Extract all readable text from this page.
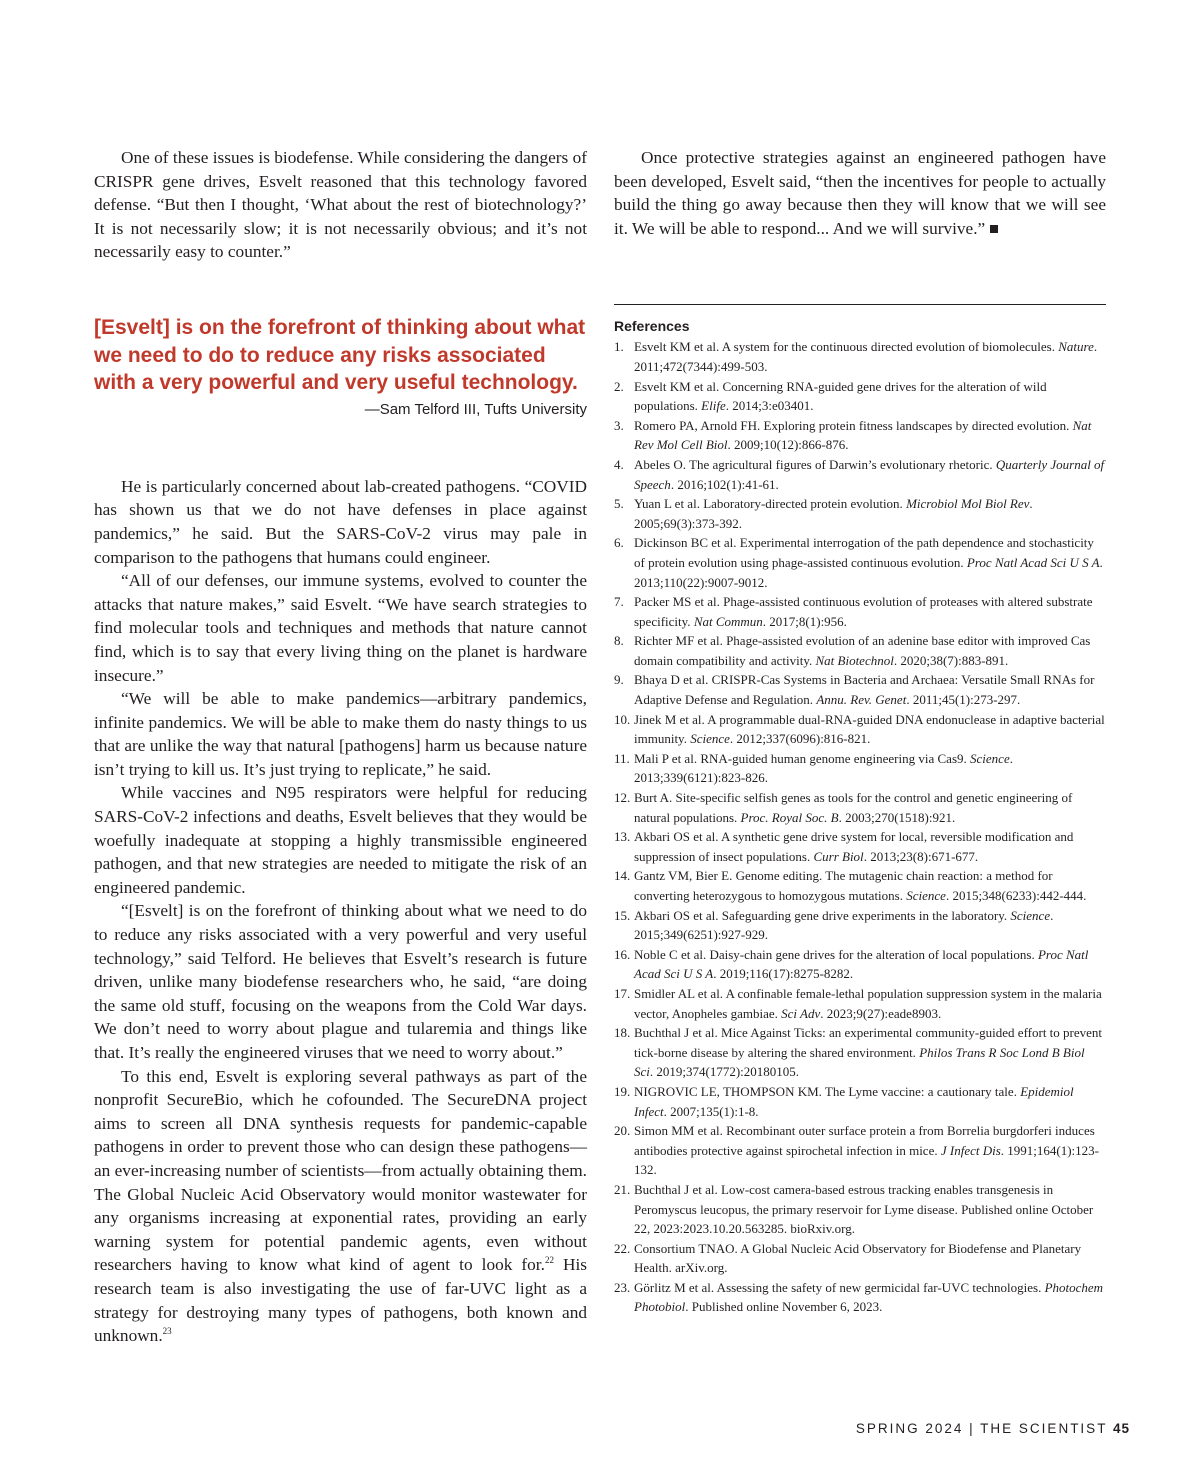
One of these issues is biodefense. While considering the dangers of CRISPR gene drives, Esvelt reasoned that this technology favored defense. “But then I thought, ‘What about the rest of biotechnology?’ It is not necessarily slow; it is not necessarily obvious; and it’s not necessarily easy to counter.”

[Esvelt] is on the forefront of thinking about what we need to do to reduce any risks associated with a very powerful and very useful technology.

—Sam Telford III, Tufts University

He is particularly concerned about lab-created pathogens. “COVID has shown us that we do not have defenses in place against pandemics,” he said. But the SARS-CoV-2 virus may pale in comparison to the pathogens that humans could engineer.

“All of our defenses, our immune systems, evolved to counter the attacks that nature makes,” said Esvelt. “We have search strategies to find molecular tools and techniques and methods that nature cannot find, which is to say that every living thing on the planet is hardware insecure.”

“We will be able to make pandemics—arbitrary pandemics, infinite pandemics. We will be able to make them do nasty things to us that are unlike the way that natural [pathogens] harm us because nature isn’t trying to kill us. It’s just trying to replicate,” he said.

While vaccines and N95 respirators were helpful for reducing SARS-CoV-2 infections and deaths, Esvelt believes that they would be woefully inadequate at stopping a highly transmissible engineered pathogen, and that new strategies are needed to mitigate the risk of an engineered pandemic.

“[Esvelt] is on the forefront of thinking about what we need to do to reduce any risks associated with a very powerful and very useful technology,” said Telford. He believes that Esvelt’s research is future driven, unlike many biodefense researchers who, he said, “are doing the same old stuff, focusing on the weapons from the Cold War days. We don’t need to worry about plague and tularemia and things like that. It’s really the engineered viruses that we need to worry about.”

To this end, Esvelt is exploring several pathways as part of the nonprofit SecureBio, which he cofounded. The SecureDNA project aims to screen all DNA synthesis requests for pandemic-capable pathogens in order to prevent those who can design these pathogens—an ever-increasing number of scientists—from actually obtaining them. The Global Nucleic Acid Observatory would monitor wastewater for any organisms increasing at exponential rates, providing an early warning system for potential pandemic agents, even without researchers having to know what kind of agent to look for.$^{22}$ His research team is also investigating the use of far-UVC light as a strategy for destroying many types of pathogens, both known and unknown.$^{23}$

Once protective strategies against an engineered pathogen have been developed, Esvelt said, “then the incentives for people to actually build the thing go away because then they will know that we will see it. We will be able to respond... And we will survive.”

References
1. Esvelt KM et al. A system for the continuous directed evolution of biomolecules. Nature. 2011;472(7344):499-503.
2. Esvelt KM et al. Concerning RNA-guided gene drives for the alteration of wild populations. Elife. 2014;3:e03401.
3. Romero PA, Arnold FH. Exploring protein fitness landscapes by directed evolution. Nat Rev Mol Cell Biol. 2009;10(12):866-876.
4. Abeles O. The agricultural figures of Darwin’s evolutionary rhetoric. Quarterly Journal of Speech. 2016;102(1):41-61.
5. Yuan L et al. Laboratory-directed protein evolution. Microbiol Mol Biol Rev. 2005;69(3):373-392.
6. Dickinson BC et al. Experimental interrogation of the path dependence and stochasticity of protein evolution using phage-assisted continuous evolution. Proc Natl Acad Sci U S A. 2013;110(22):9007-9012.
7. Packer MS et al. Phage-assisted continuous evolution of proteases with altered substrate specificity. Nat Commun. 2017;8(1):956.
8. Richter MF et al. Phage-assisted evolution of an adenine base editor with improved Cas domain compatibility and activity. Nat Biotechnol. 2020;38(7):883-891.
9. Bhaya D et al. CRISPR-Cas Systems in Bacteria and Archaea: Versatile Small RNAs for Adaptive Defense and Regulation. Annu. Rev. Genet. 2011;45(1):273-297.
10. Jinek M et al. A programmable dual-RNA-guided DNA endonuclease in adaptive bacterial immunity. Science. 2012;337(6096):816-821.
11. Mali P et al. RNA-guided human genome engineering via Cas9. Science. 2013;339(6121):823-826.
12. Burt A. Site-specific selfish genes as tools for the control and genetic engineering of natural populations. Proc. Royal Soc. B. 2003;270(1518):921.
13. Akbari OS et al. A synthetic gene drive system for local, reversible modification and suppression of insect populations. Curr Biol. 2013;23(8):671-677.
14. Gantz VM, Bier E. Genome editing. The mutagenic chain reaction: a method for converting heterozygous to homozygous mutations. Science. 2015;348(6233):442-444.
15. Akbari OS et al. Safeguarding gene drive experiments in the laboratory. Science. 2015;349(6251):927-929.
16. Noble C et al. Daisy-chain gene drives for the alteration of local populations. Proc Natl Acad Sci U S A. 2019;116(17):8275-8282.
17. Smidler AL et al. A confinable female-lethal population suppression system in the malaria vector, Anopheles gambiae. Sci Adv. 2023;9(27):eade8903.
18. Buchthal J et al. Mice Against Ticks: an experimental community-guided effort to prevent tick-borne disease by altering the shared environment. Philos Trans R Soc Lond B Biol Sci. 2019;374(1772):20180105.
19. NIGROVIC LE, THOMPSON KM. The Lyme vaccine: a cautionary tale. Epidemiol Infect. 2007;135(1):1-8.
20. Simon MM et al. Recombinant outer surface protein a from Borrelia burgdorferi induces antibodies protective against spirochetal infection in mice. J Infect Dis. 1991;164(1):123-132.
21. Buchthal J et al. Low-cost camera-based estrous tracking enables transgenesis in Peromyscus leucopus, the primary reservoir for Lyme disease. Published online October 22, 2023:2023.10.20.563285. bioRxiv.org.
22. Consortium TNAO. A Global Nucleic Acid Observatory for Biodefense and Planetary Health. arXiv.org.
23. Görlitz M et al. Assessing the safety of new germicidal far-UVC technologies. Photochem Photobiol. Published online November 6, 2023.
SPRING 2024 | THE SCIENTIST 45
